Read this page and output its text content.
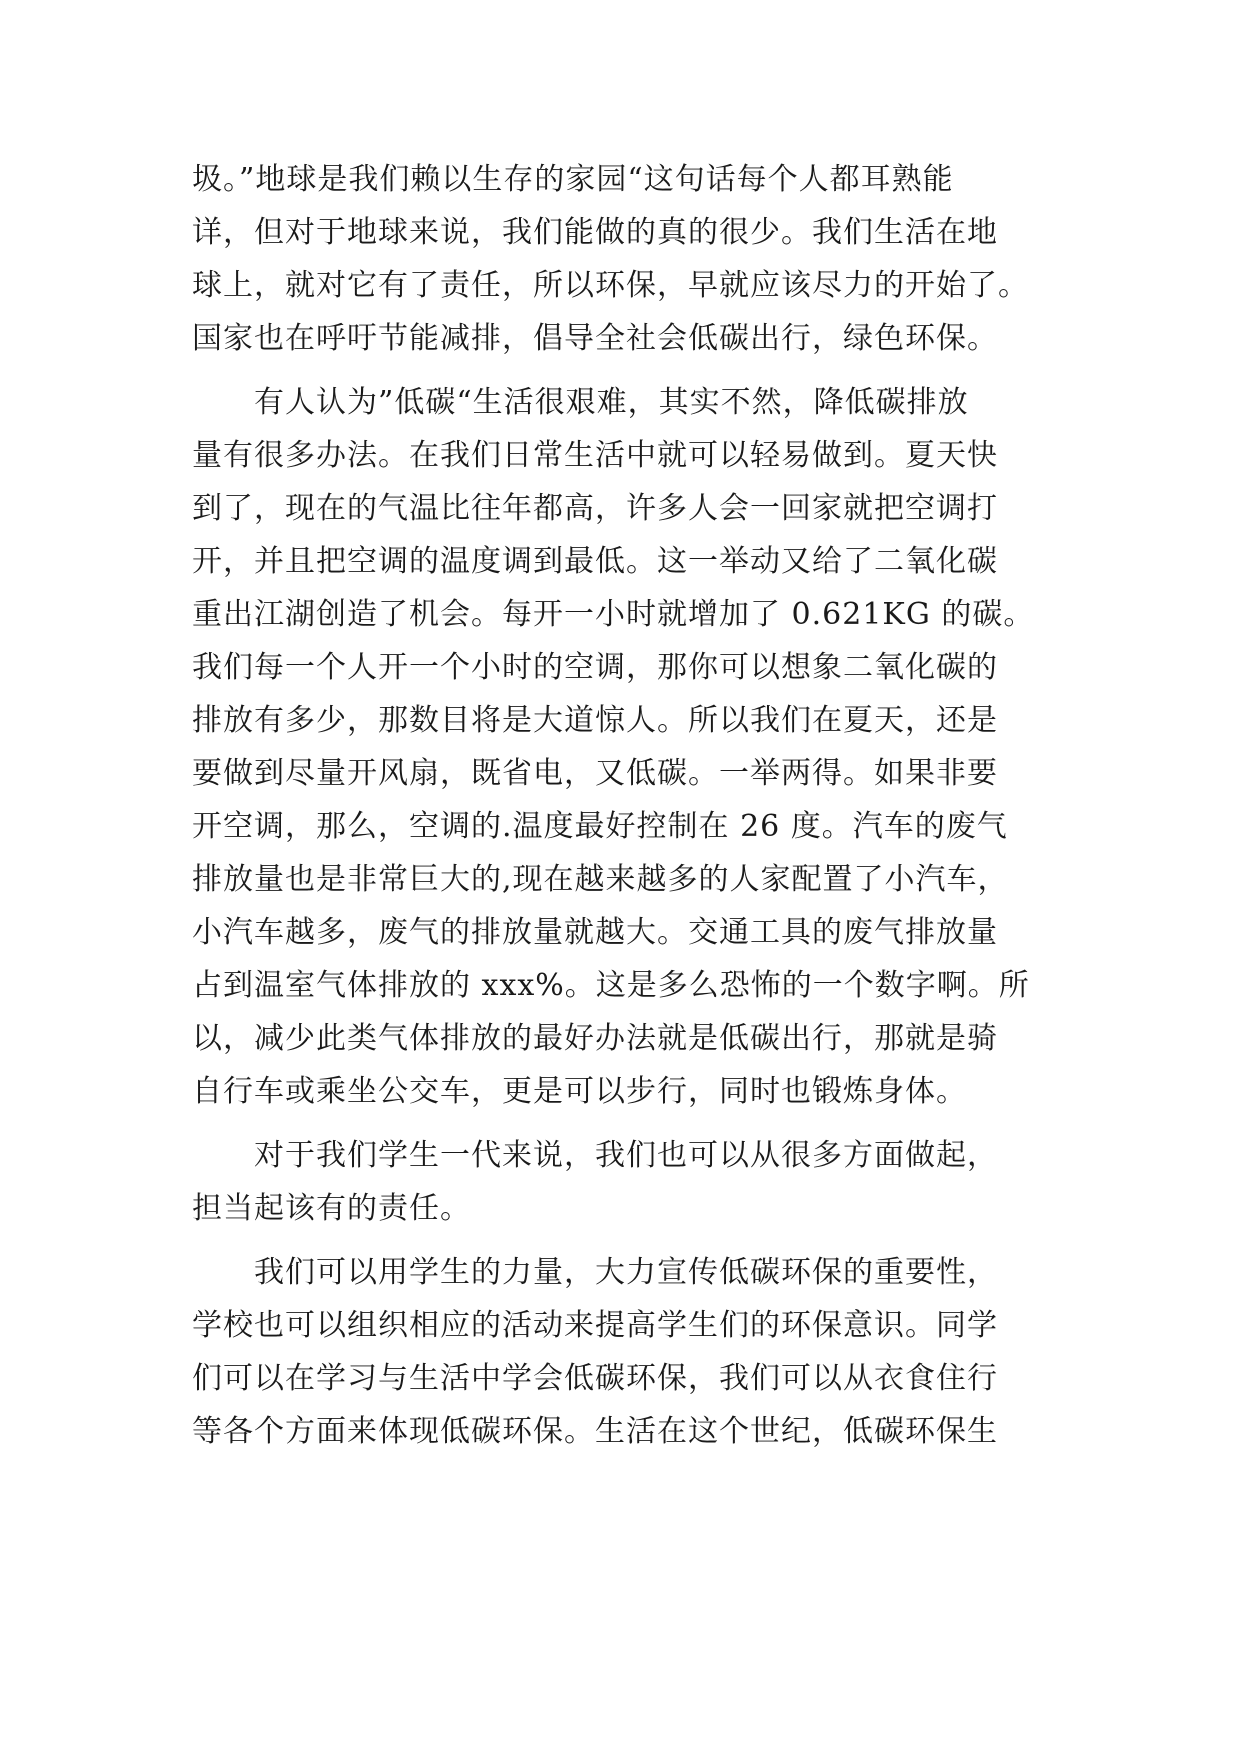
圾。”地球是我们赖以生存的家园“这句话每个人都耳熟能
详，但对于地球来说，我们能做的真的很少。我们生活在地
球上，就对它有了责任，所以环保，早就应该尽力的开始了。
国家也在呼吁节能减排，倡导全社会低碳出行，绿色环保。
　　有人认为”低碳“生活很艰难，其实不然，降低碳排放
量有很多办法。在我们日常生活中就可以轻易做到。夏天快
到了，现在的气温比往年都高，许多人会一回家就把空调打
开，并且把空调的温度调到最低。这一举动又给了二氧化碳
重出江湖创造了机会。每开一小时就增加了 0.621KG 的碳。
我们每一个人开一个小时的空调，那你可以想象二氧化碳的
排放有多少，那数目将是大道惊人。所以我们在夏天，还是
要做到尽量开风扇，既省电，又低碳。一举两得。如果非要
开空调，那么，空调的.温度最好控制在 26 度。汽车的废气
排放量也是非常巨大的,现在越来越多的人家配置了小汽车，
小汽车越多，废气的排放量就越大。交通工具的废气排放量
占到温室气体排放的 xxx%。这是多么恐怖的一个数字啊。所
以，减少此类气体排放的最好办法就是低碳出行，那就是骑
自行车或乘坐公交车，更是可以步行，同时也锻炼身体。
　　对于我们学生一代来说，我们也可以从很多方面做起，
担当起该有的责任。
　　我们可以用学生的力量，大力宣传低碳环保的重要性，
学校也可以组织相应的活动来提高学生们的环保意识。同学
们可以在学习与生活中学会低碳环保，我们可以从衣食住行
等各个方面来体现低碳环保。生活在这个世纪，低碳环保生
